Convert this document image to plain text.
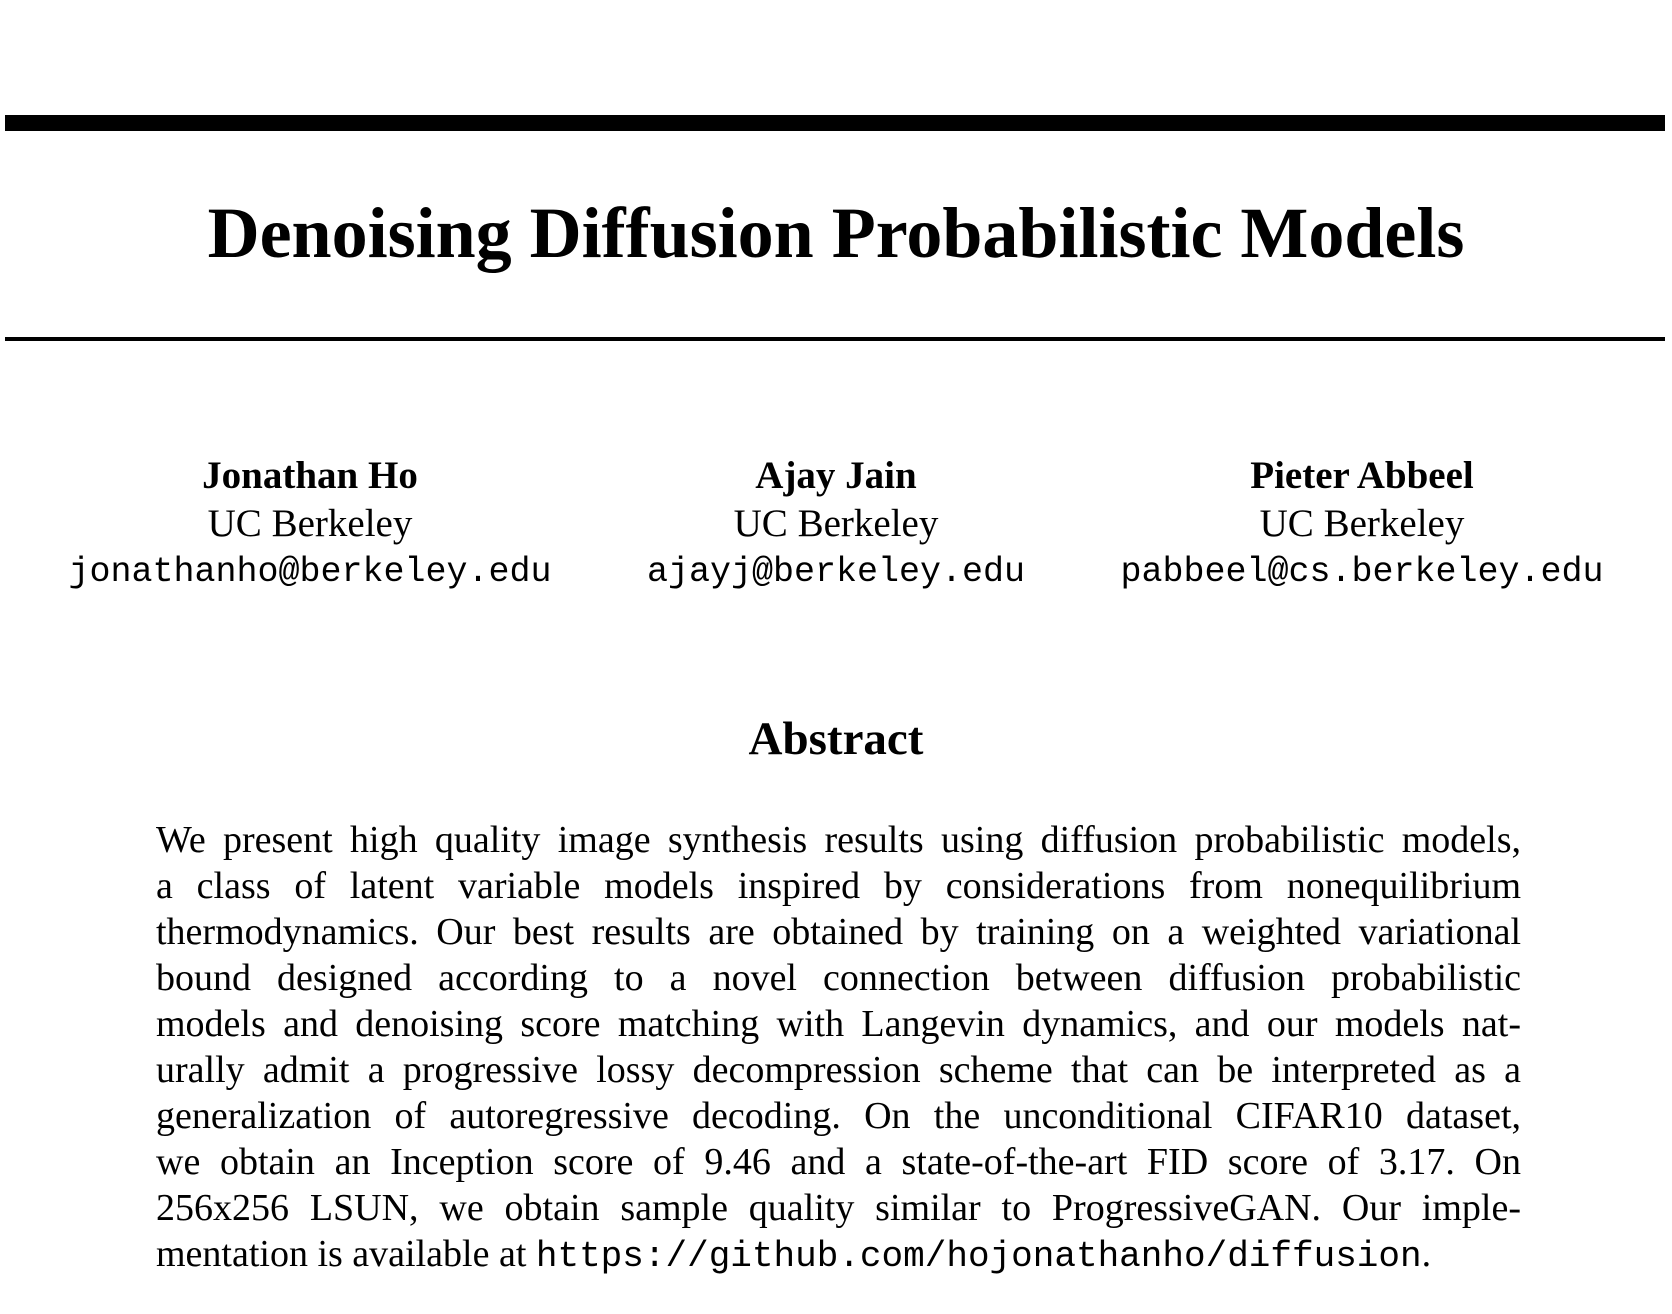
Denoising Diffusion Probabilistic Models
Jonathan Ho
UC Berkeley
jonathanho@berkeley.edu
Ajay Jain
UC Berkeley
ajayj@berkeley.edu
Pieter Abbeel
UC Berkeley
pabbeel@cs.berkeley.edu
Abstract
We present high quality image synthesis results using diffusion probabilistic models,
a class of latent variable models inspired by considerations from nonequilibrium
thermodynamics. Our best results are obtained by training on a weighted variational
bound designed according to a novel connection between diffusion probabilistic
models and denoising score matching with Langevin dynamics, and our models nat-
urally admit a progressive lossy decompression scheme that can be interpreted as a
generalization of autoregressive decoding. On the unconditional CIFAR10 dataset,
we obtain an Inception score of 9.46 and a state-of-the-art FID score of 3.17. On
256x256 LSUN, we obtain sample quality similar to ProgressiveGAN. Our imple-
mentation is available at https://github.com/hojonathanho/diffusion.
